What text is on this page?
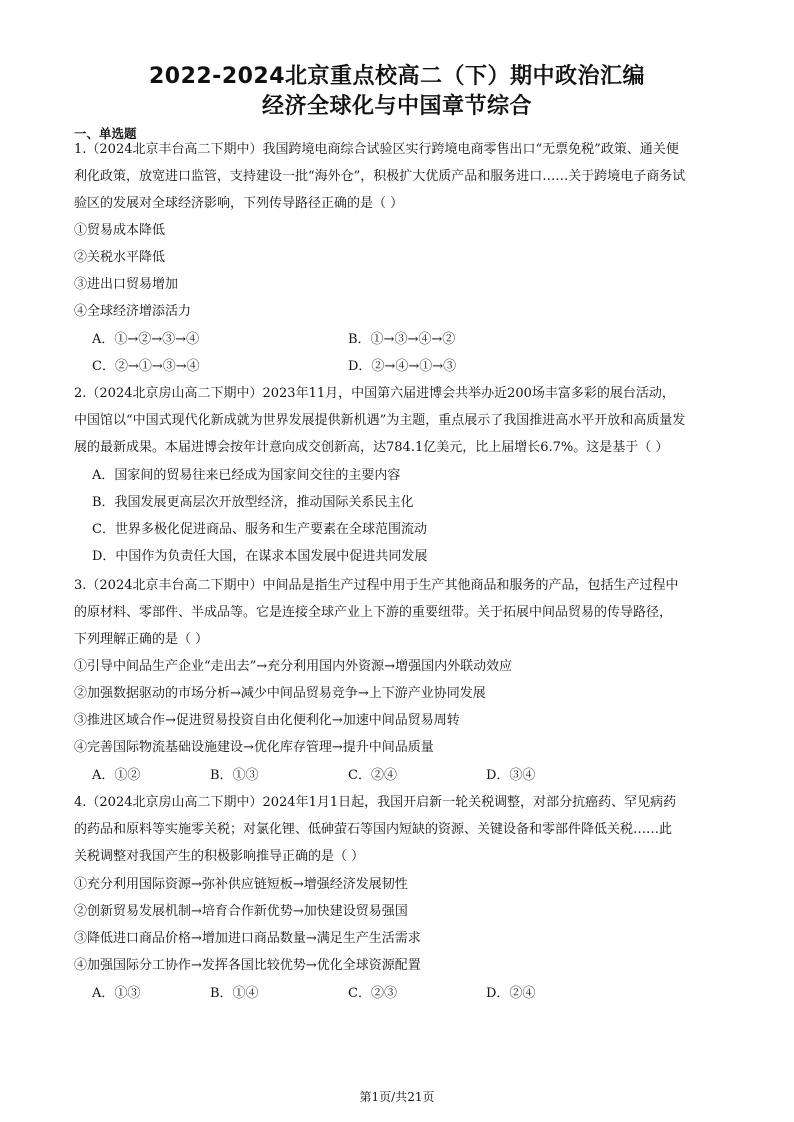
2022-2024北京重点校高二（下）期中政治汇编
经济全球化与中国章节综合
一、单选题
1.（2024北京丰台高二下期中）我国跨境电商综合试验区实行跨境电商零售出口“无票免税”政策、通关便
利化政策，放宽进口监管，支持建设一批“海外仓”，积极扩大优质产品和服务进口……关于跨境电子商务试
验区的发展对全球经济影响，下列传导路径正确的是（ ）
①贸易成本降低
②关税水平降低
③进出口贸易增加
④全球经济增添活力
A．①→②→③→④	B．①→③→④→②
C．②→①→③→④	D．②→④→①→③
2.（2024北京房山高二下期中）2023年11月，中国第六届进博会共举办近200场丰富多彩的展台活动，
中国馆以“中国式现代化新成就为世界发展提供新机遇”为主题，重点展示了我国推进高水平开放和高质量发
展的最新成果。本届进博会按年计意向成交创新高，达784.1亿美元，比上届增长6.7%。这是基于（ ）
A．国家间的贸易往来已经成为国家间交往的主要内容
B．我国发展更高层次开放型经济，推动国际关系民主化
C．世界多极化促进商品、服务和生产要素在全球范围流动
D．中国作为负责任大国，在谋求本国发展中促进共同发展
3.（2024北京丰台高二下期中）中间品是指生产过程中用于生产其他商品和服务的产品，包括生产过程中
的原材料、零部件、半成品等。它是连接全球产业上下游的重要纽带。关于拓展中间品贸易的传导路径，
下列理解正确的是（ ）
①引导中间品生产企业“走出去”→充分利用国内外资源→增强国内外联动效应
②加强数据驱动的市场分析→减少中间品贸易竞争→上下游产业协同发展
③推进区域合作→促进贸易投资自由化便利化→加速中间品贸易周转
④完善国际物流基础设施建设→优化库存管理→提升中间品质量
A．①②	B．①③	C．②④	D．③④
4.（2024北京房山高二下期中）2024年1月1日起，我国开启新一轮关税调整，对部分抗癌药、罕见病药
的药品和原料等实施零关税；对氯化锂、低砷萤石等国内短缺的资源、关键设备和零部件降低关税……此
关税调整对我国产生的积极影响推导正确的是（ ）
①充分利用国际资源→弥补供应链短板→增强经济发展韧性
②创新贸易发展机制→培育合作新优势→加快建设贸易强国
③降低进口商品价格→增加进口商品数量→满足生产生活需求
④加强国际分工协作→发挥各国比较优势→优化全球资源配置
A．①③	B．①④	C．②③	D．②④
第1页/共21页
